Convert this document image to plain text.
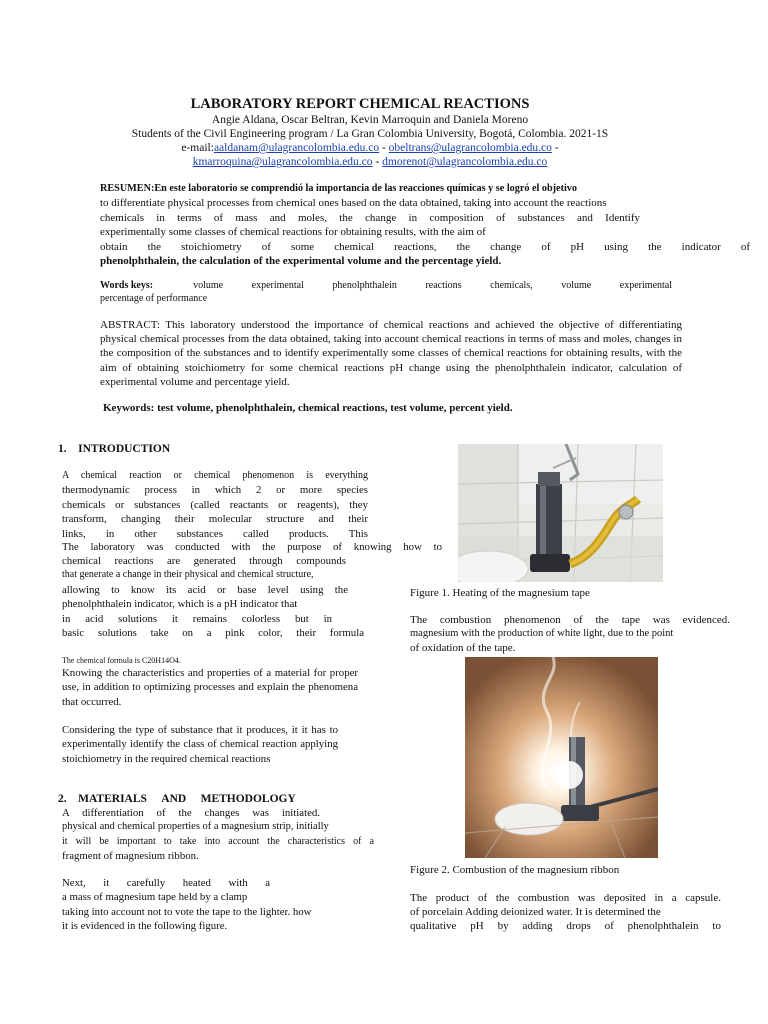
LABORATORY REPORT CHEMICAL REACTIONS
Angie Aldana, Oscar Beltran, Kevin Marroquin and Daniela Moreno
Students of the Civil Engineering program / La Gran Colombia University, Bogotá, Colombia. 2021-1S
e-mail:aaldanam@ulagrancolombia.edu.co - obeltrans@ulagrancolombia.edu.co -
kmarroquina@ulagrancolombia.edu.co - dmorenot@ulagrancolombia.edu.co

RESUMEN:En este laboratorio se comprendió la importancia de las reacciones químicas y se logró el objetivo

to differentiate physical processes from chemical ones based on the data obtained, taking into account the reactions

chemicals in terms of mass and moles, the change in composition of substances and Identify

experimentally some classes of chemical reactions for obtaining results, with the aim of

obtain the stoichiometry of some chemical reactions, the change of pH using the indicator of

phenolphthalein, the calculation of the experimental volume and the percentage yield.

Words keys:	volume experimental phenolphthalein reactions chemicals, volume experimental
percentage of performance
ABSTRACT: This laboratory understood the importance of chemical reactions and achieved the objective of differentiating physical chemical processes from the data obtained, taking into account chemical reactions in terms of mass and moles, changes in the composition of the substances and to identify experimentally some classes of chemical reactions for obtaining results, with the aim of obtaining stoichiometry for some chemical reactions pH change using the phenolphthalein indicator, calculation of experimental volume and percentage yield.
Keywords: test volume, phenolphthalein, chemical reactions, test volume, percent yield.
1.    INTRODUCTION

A chemical reaction or chemical phenomenon is everything

thermodynamic process in which 2 or more species

chemicals or substances (called reactants or reagents), they

transform, changing their molecular structure and their

links, in other substances called products. This

The laboratory was conducted with the purpose of knowing how to

chemical reactions are generated through compounds

that generate a change in their physical and chemical structure,

allowing to know its acid or base level using the

phenolphthalein indicator, which is a pH indicator that

in acid solutions it remains colorless but in

basic solutions take on a pink color, their formula

The chemical formula is C20H14O4.
Knowing the characteristics and properties of a material for proper use, in addition to optimizing processes and explain the phenomena that occurred.
Considering the type of substance that it produces, it it has to experimentally identify the class of chemical reaction applying stoichiometry in the required chemical reactions
2.    MATERIALS     AND     METHODOLOGY

A differentiation of the changes was initiated.

physical and chemical properties of a magnesium strip, initially

it will be important to take into account the characteristics of a

fragment of magnesium ribbon.

Next, it carefully heated with a

a mass of magnesium tape held by a clamp

taking into account not to vote the tape to the lighter. how

it is evidenced in the following figure.

Figure 1. Heating of the magnesium tape
The combustion phenomenon of the tape was evidenced.
magnesium with the production of white light, due to the point
of oxidation of the tape.
Figure 2. Combustion of the magnesium ribbon
The product of the combustion was deposited in a capsule.
of porcelain Adding deionized water. It is determined the
qualitative pH by adding drops of phenolphthalein to
